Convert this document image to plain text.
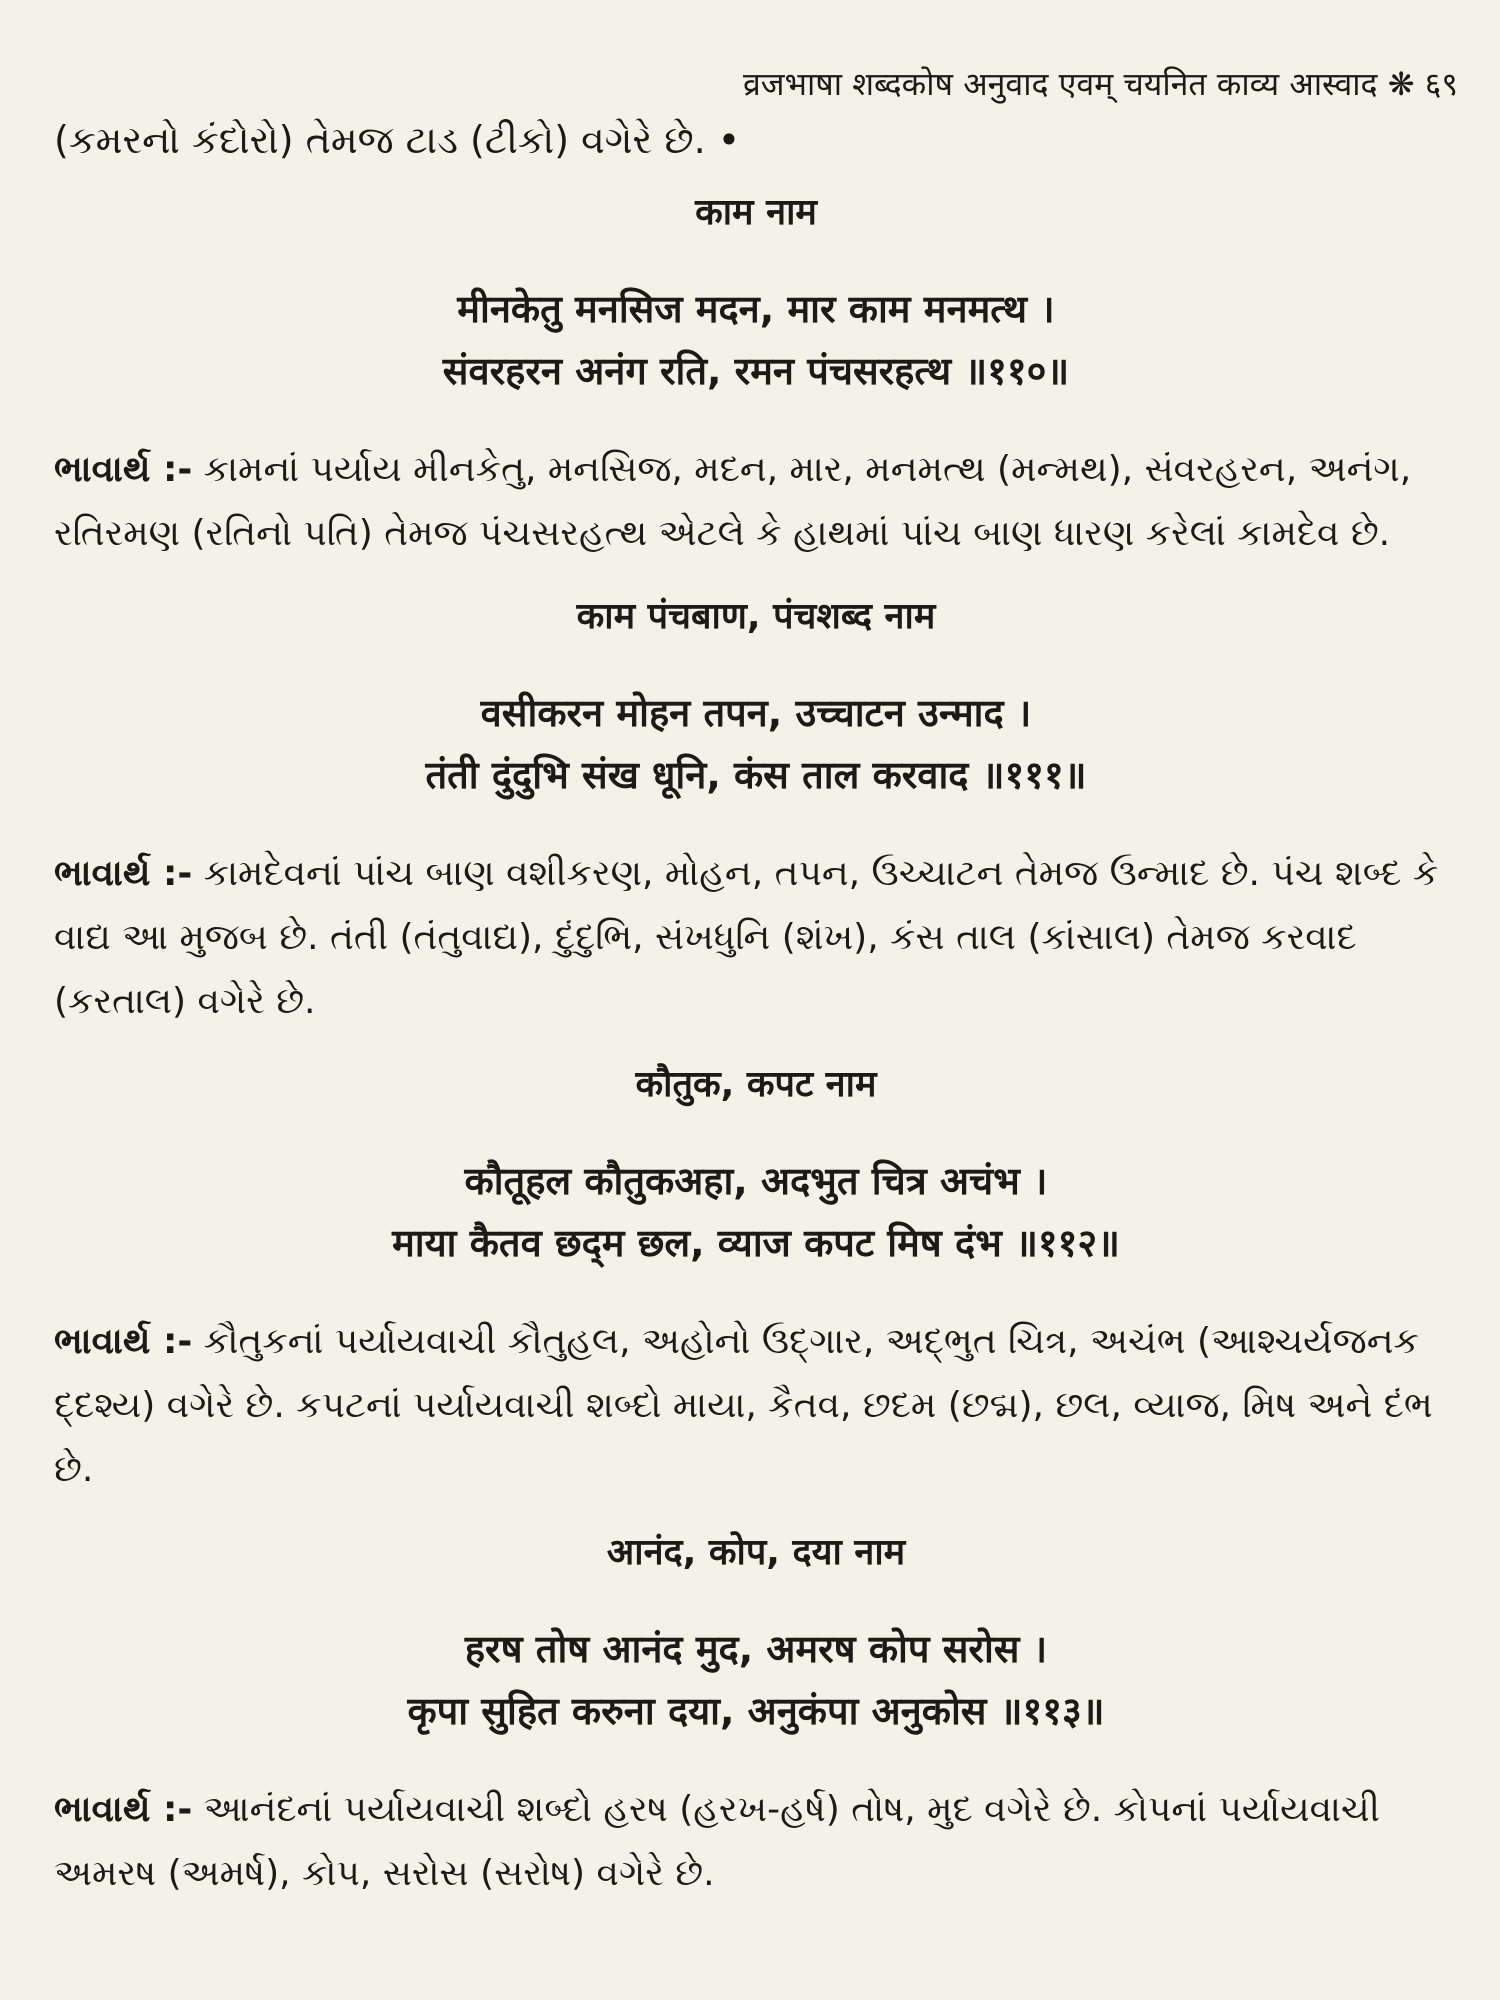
व्रजभाषा शब्दकोष अनुवाद एवम् चयनित काव्य आस्वाद ❋ ६९

(કમરનો કંદોરો) તેમજ ટાડ (ટીકો) વગેરે છે. •

काम नाम
मीनकेतु मनसिज मदन, मार काम मनमत्थ ।
संवरहरन अनंग रति, रमन पंचसरहत्थ ॥११०॥

ભાવાર્થ :- કામનાં પર્યાય મીનકેતુ, મનસિજ, મદન, માર, મનમત્થ (મન્મથ), સંવરહરન, અનંગ, રતિરમણ (રતિનો પતિ) તેમજ પંચસરહત્થ એટલે કે હાથમાં પાંચ બાણ ધારણ કરેલાં કામદેવ છે.

काम पंचबाण, पंचशब्द नाम
वसीकरन मोहन तपन, उच्चाटन उन्माद ।
तंती दुंदुभि संख धूनि, कंस ताल करवाद ॥१११॥

ભાવાર્થ :- કામદેવનાં પાંચ બાણ વશીકરણ, મોહન, તપન, ઉચ્ચાટન તેમજ ઉન્માદ છે. પંચ શબ્દ કે વાદ્ય આ મુજબ છે. તંતી (તંતુવાદ્ય), દુંદુભિ, સંખધુનિ (શંખ), કંસ તાલ (કાંસાલ) તેમજ કરવાદ (કરતાલ) વગેરે છે.

कौतुक, कपट नाम
कौतूहल कौतुकअहा, अदभुत चित्र अचंभ ।
माया कैतव छद्‌म छल, व्याज कपट मिष दंभ ॥११२॥

ભાવાર્થ :- કૌતુકનાં પર્યાયવાચી કૌતુહલ, અહોનો ઉદ્‌ગાર, અદ્‌ભુત ચિત્ર, અચંભ (આશ્ચર્યજનક દ્દશ્ય) વગેરે છે. કપટનાં પર્યાયવાચી શબ્દો માયા, કૈતવ, છદમ (છદ્મ), છલ, વ્યાજ, મિષ અને દંભ છે.

आनंद, कोप, दया नाम
हरष तोष आनंद मुद, अमरष कोप सरोस ।
कृपा सुहित करुना दया, अनुकंपा अनुकोस ॥११३॥

ભાવાર્થ :- આનંદનાં પર્યાયવાચી શબ્દો હરષ (હરખ-હર્ષ) તોષ, મુદ વગેરે છે. કોપનાં પર્યાયવાચી અમરષ (અમર્ષ), કોપ, સરોસ (સરોષ) વગેરે છે.
